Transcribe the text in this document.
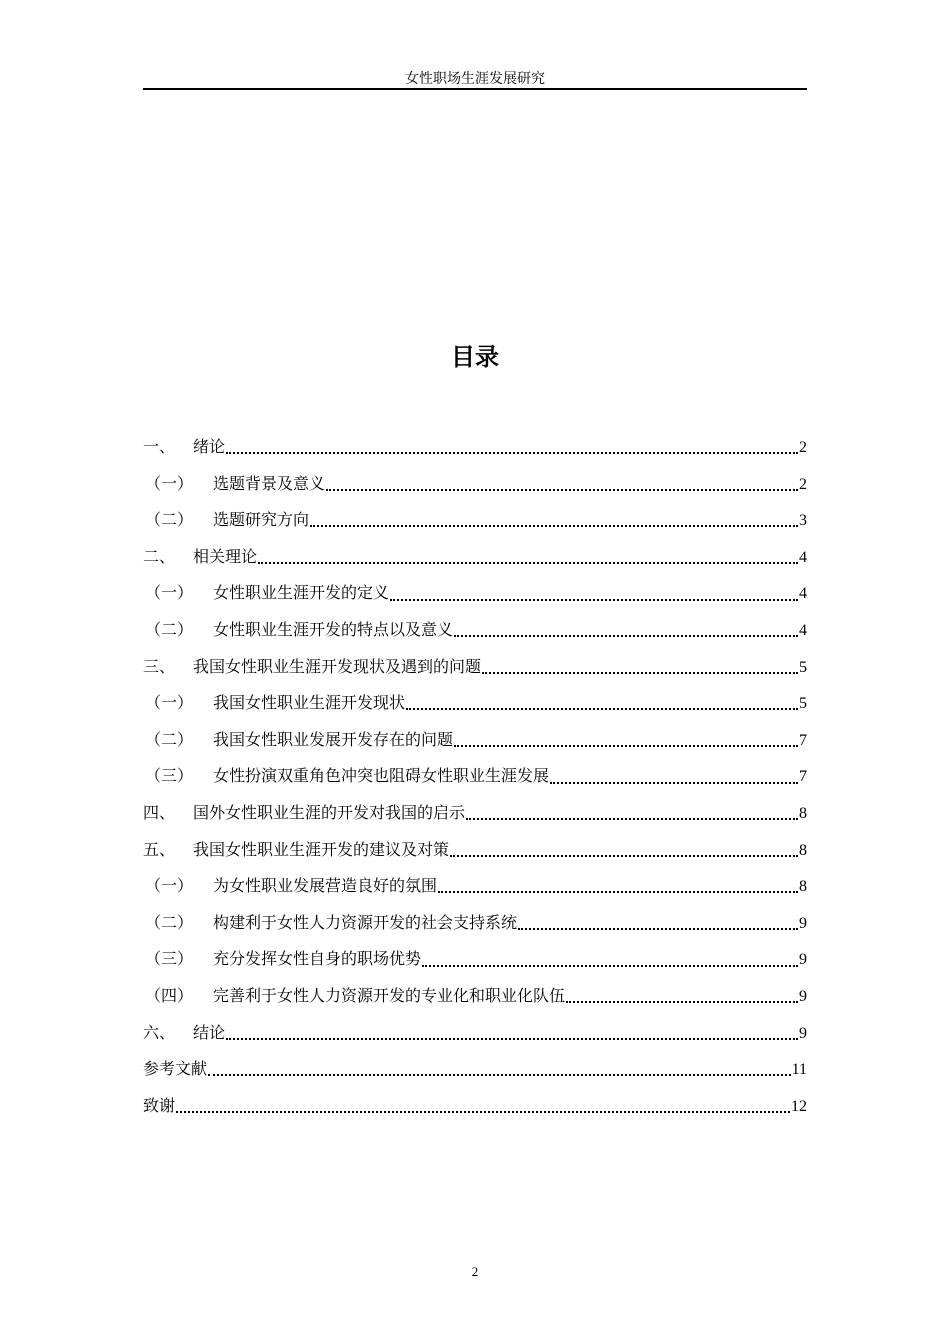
女性职场生涯发展研究
目录
一、	绪论	2
（一）	选题背景及意义	2
（二）	选题研究方向	3
二、	相关理论	4
（一）	女性职业生涯开发的定义	4
（二）	女性职业生涯开发的特点以及意义	4
三、	我国女性职业生涯开发现状及遇到的问题	5
（一）	我国女性职业生涯开发现状	5
（二）	我国女性职业发展开发存在的问题	7
（三）	女性扮演双重角色冲突也阻碍女性职业生涯发展	7
四、	国外女性职业生涯的开发对我国的启示	8
五、	我国女性职业生涯开发的建议及对策	8
（一）	为女性职业发展营造良好的氛围	8
（二）	构建利于女性人力资源开发的社会支持系统	9
（三）	充分发挥女性自身的职场优势	9
（四）	完善利于女性人力资源开发的专业化和职业化队伍	9
六、	结论	9
参考文献	11
致谢	12
2
